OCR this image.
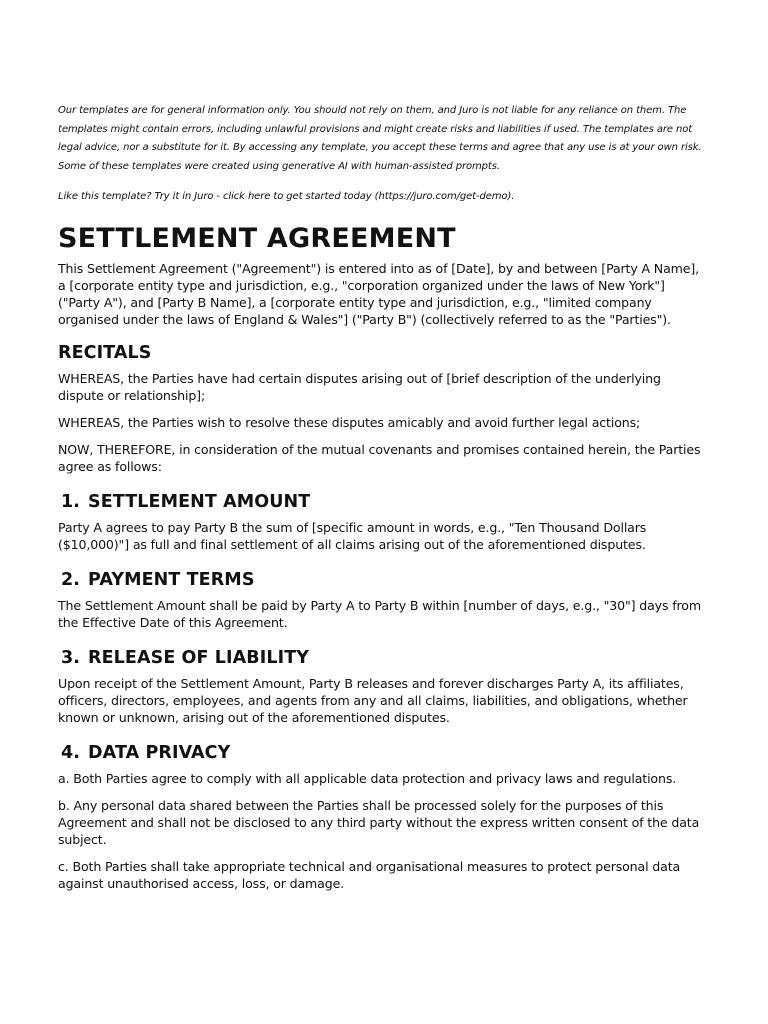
Our templates are for general information only. You should not rely on them, and Juro is not liable for any reliance on them. The templates might contain errors, including unlawful provisions and might create risks and liabilities if used. The templates are not legal advice, nor a substitute for it. By accessing any template, you accept these terms and agree that any use is at your own risk. Some of these templates were created using generative AI with human-assisted prompts.

Like this template? Try it in Juro - click here to get started today (https://juro.com/get-demo).

SETTLEMENT AGREEMENT

This Settlement Agreement ("Agreement") is entered into as of [Date], by and between [Party A Name], a [corporate entity type and jurisdiction, e.g., "corporation organized under the laws of New York"] ("Party A"), and [Party B Name], a [corporate entity type and jurisdiction, e.g., "limited company organised under the laws of England & Wales"] ("Party B") (collectively referred to as the "Parties").

RECITALS

WHEREAS, the Parties have had certain disputes arising out of [brief description of the underlying dispute or relationship];

WHEREAS, the Parties wish to resolve these disputes amicably and avoid further legal actions;

NOW, THEREFORE, in consideration of the mutual covenants and promises contained herein, the Parties agree as follows:

1. SETTLEMENT AMOUNT

Party A agrees to pay Party B the sum of [specific amount in words, e.g., "Ten Thousand Dollars ($10,000)"] as full and final settlement of all claims arising out of the aforementioned disputes.

2. PAYMENT TERMS

The Settlement Amount shall be paid by Party A to Party B within [number of days, e.g., "30"] days from the Effective Date of this Agreement.

3. RELEASE OF LIABILITY

Upon receipt of the Settlement Amount, Party B releases and forever discharges Party A, its affiliates, officers, directors, employees, and agents from any and all claims, liabilities, and obligations, whether known or unknown, arising out of the aforementioned disputes.

4. DATA PRIVACY

a. Both Parties agree to comply with all applicable data protection and privacy laws and regulations.

b. Any personal data shared between the Parties shall be processed solely for the purposes of this Agreement and shall not be disclosed to any third party without the express written consent of the data subject.

c. Both Parties shall take appropriate technical and organisational measures to protect personal data against unauthorised access, loss, or damage.
